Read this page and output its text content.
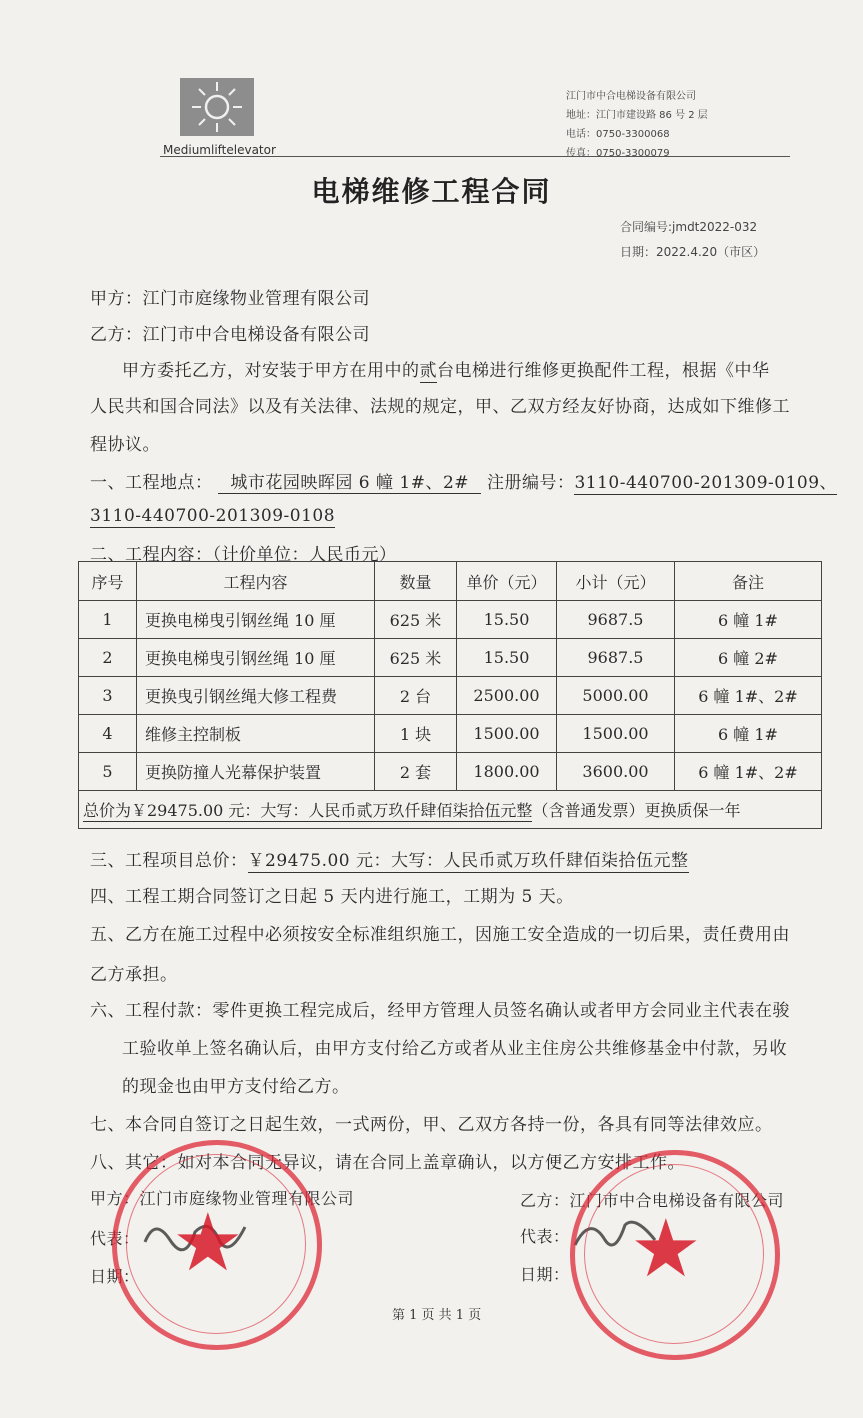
Mediumliftelevator
江门市中合电梯设备有限公司
地址：江门市建设路 86 号 2 层
电话：0750-3300068
传真：0750-3300079
电梯维修工程合同
合同编号:jmdt2022-032
日期：2022.4.20（市区）
甲方：江门市庭缘物业管理有限公司
乙方：江门市中合电梯设备有限公司
甲方委托乙方，对安装于甲方在用中的贰台电梯进行维修更换配件工程，根据《中华
人民共和国合同法》以及有关法律、法规的规定，甲、乙双方经友好协商，达成如下维修工
程协议。
一、工程地点： 城市花园映晖园 6 幢 1#、2# 注册编号：3110-440700-201309-0109、
3110-440700-201309-0108
二、工程内容：（计价单位：人民币元）
序号	工程内容	数量	单价（元）	小计（元）	备注
1	更换电梯曳引钢丝绳 10 厘	625 米	15.50	9687.5	6 幢 1#
2	更换电梯曳引钢丝绳 10 厘	625 米	15.50	9687.5	6 幢 2#
3	更换曳引钢丝绳大修工程费	2 台	2500.00	5000.00	6 幢 1#、2#
4	维修主控制板	1 块	1500.00	1500.00	6 幢 1#
5	更换防撞人光幕保护装置	2 套	1800.00	3600.00	6 幢 1#、2#
总价为￥29475.00 元：大写：人民币贰万玖仟肆佰柒拾伍元整（含普通发票）更换质保一年					
三、工程项目总价：￥29475.00 元：大写：人民币贰万玖仟肆佰柒拾伍元整
四、工程工期合同签订之日起 5 天内进行施工，工期为 5 天。
五、乙方在施工过程中必须按安全标准组织施工，因施工安全造成的一切后果，责任费用由
乙方承担。
六、工程付款：零件更换工程完成后，经甲方管理人员签名确认或者甲方会同业主代表在骏
工验收单上签名确认后，由甲方支付给乙方或者从业主住房公共维修基金中付款，另收
的现金也由甲方支付给乙方。
七、本合同自签订之日起生效，一式两份，甲、乙双方各持一份，各具有同等法律效应。
八、其它：如对本合同无异议，请在合同上盖章确认，以方便乙方安排工作。
甲方：江门市庭缘物业管理有限公司
代表：
日期：
乙方：江门市中合电梯设备有限公司
代表：
日期：
★	★
第 1 页 共 1 页
